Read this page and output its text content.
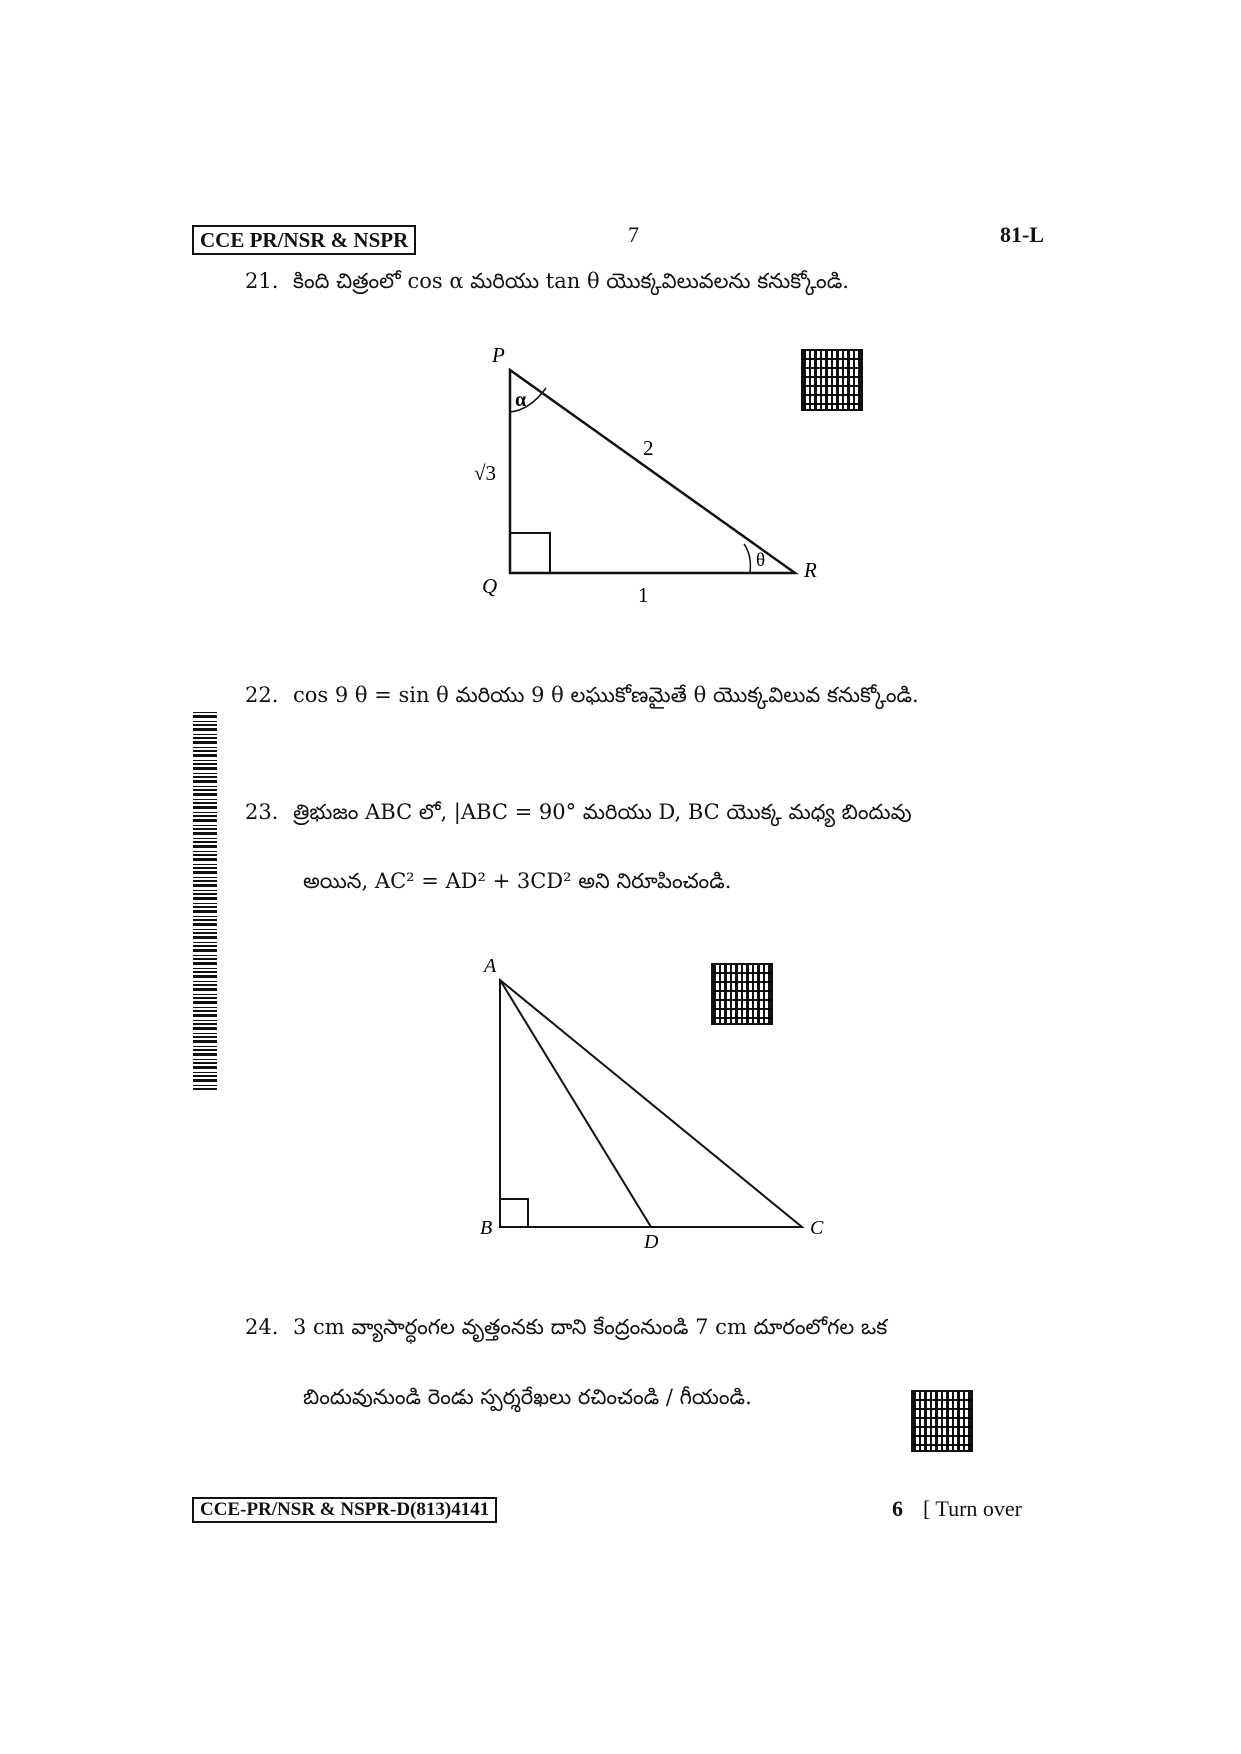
CCE PR/NSR & NSPR	7	81-L
21. కింది చిత్రంలో cos α మరియు tan θ యొక్కవిలువలను కనుక్కోండి.
P
Q
R
α
θ
√3
2
1
22. cos 9 θ = sin θ మరియు 9 θ లఘుకోణమైతే θ యొక్కవిలువ కనుక్కోండి.
23. త్రిభుజం ABC లో, |ABC = 90° మరియు D, BC యొక్క మధ్య బిందువు
అయిన, AC² = AD² + 3CD² అని నిరూపించండి.
A
B	C
D
24. 3 cm వ్యాసార్ధంగల వృత్తంనకు దాని కేంద్రంనుండి 7 cm దూరంలోగల ఒక
బిందువునుండి రెండు స్పర్శరేఖలు రచించండి / గీయండి.
CCE-PR/NSR & NSPR-D(813)4141	6 [ Turn over
